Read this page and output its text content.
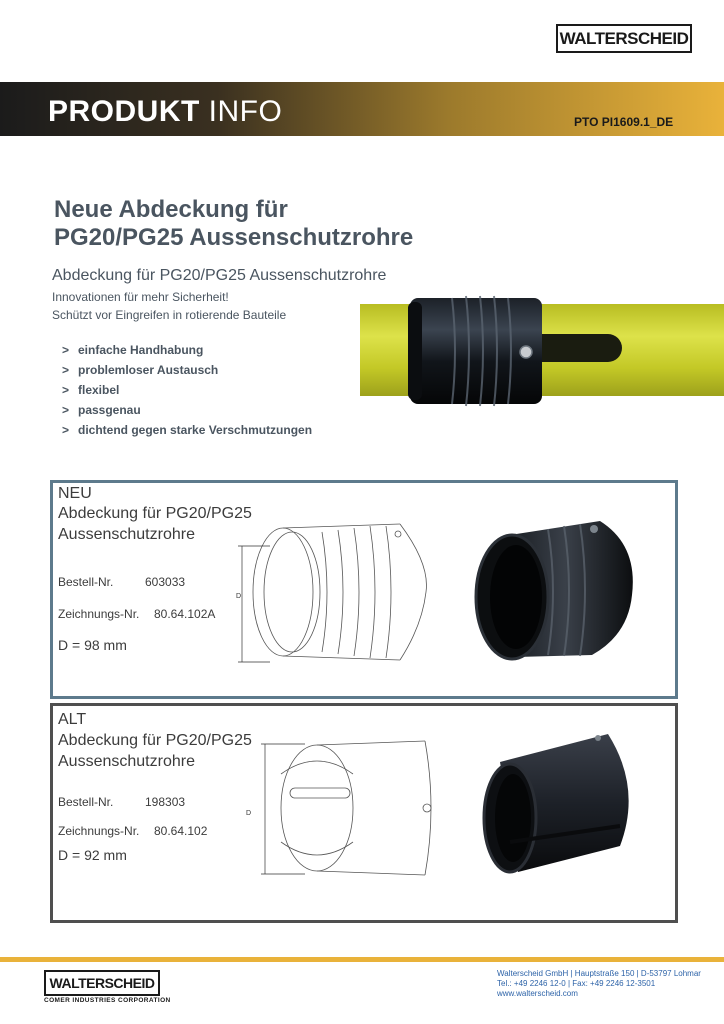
WALTERSCHEID
PRODUKT INFO	PTO PI1609.1_DE
Neue Abdeckung für
PG20/PG25 Aussenschutzrohre
Abdeckung für PG20/PG25 Aussenschutzrohre
Innovationen für mehr Sicherheit!
Schützt vor Eingreifen in rotierende Bauteile
> einfache Handhabung
> problemloser Austausch
> flexibel
> passgenau
> dichtend gegen starke Verschmutzungen
NEU
Abdeckung für PG20/PG25
Aussenschutzrohre
Bestell-Nr.	603033
Zeichnungs-Nr. 80.64.102A
D = 98 mm
D
ALT
Abdeckung für PG20/PG25
Aussenschutzrohre
Bestell-Nr.	198303
Zeichnungs-Nr. 80.64.102
D = 92 mm
D
WALTERSCHEID
COMER INDUSTRIES CORPORATION
Walterscheid GmbH | Hauptstraße 150 | D-53797 Lohmar
Tel.: +49 2246 12-0 | Fax: +49 2246 12-3501
www.walterscheid.com
